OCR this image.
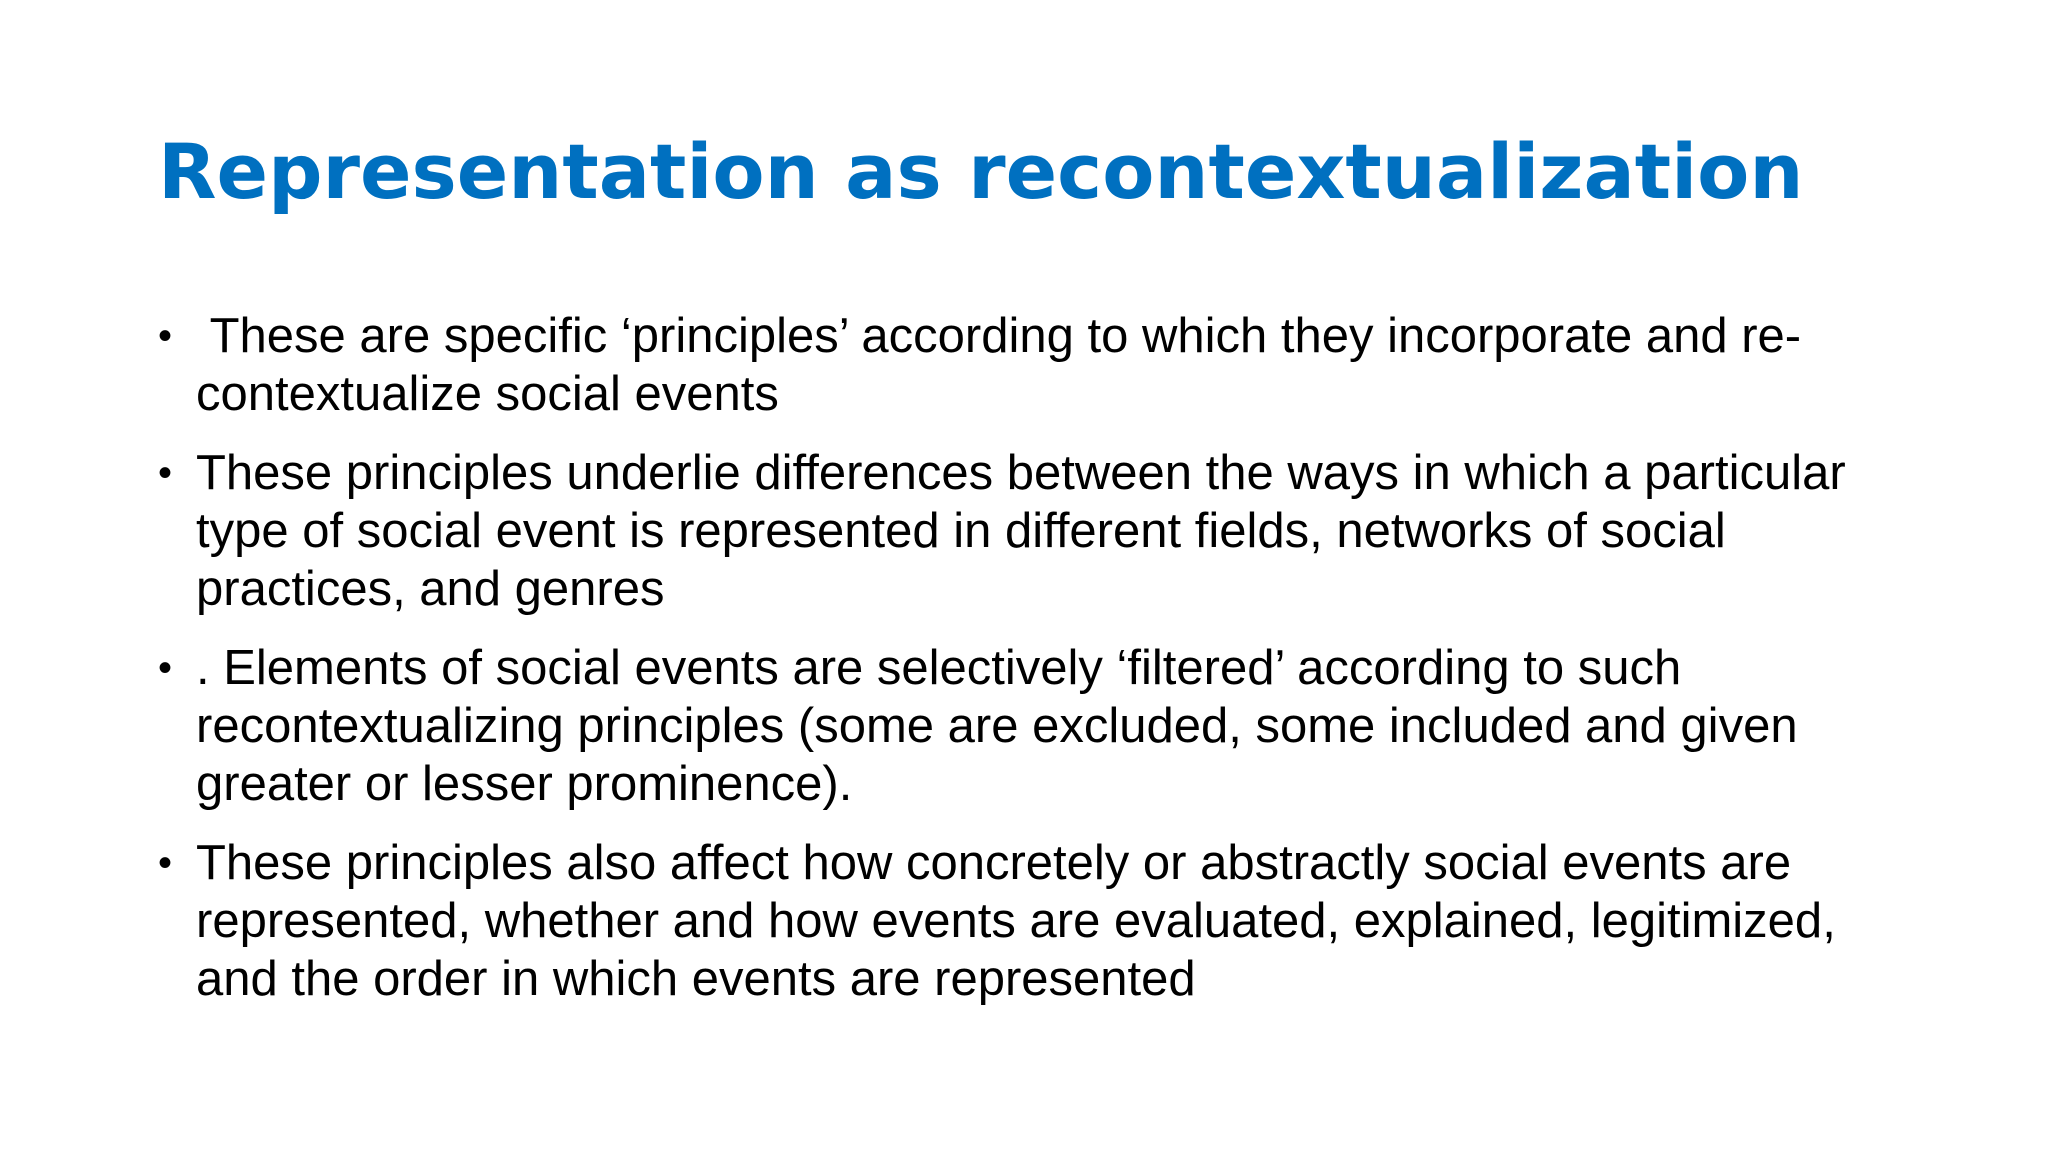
Representation as recontextualization
• These are specific ‘principles’ according to which they incorporate and re-contextualize social events
• These principles underlie differences between the ways in which a particular type of social event is represented in different fields, networks of social practices, and genres
• . Elements of social events are selectively ‘filtered’ according to such recontextualizing principles (some are excluded, some included and given greater or lesser prominence).
• These principles also affect how concretely or abstractly social events are represented, whether and how events are evaluated, explained, legitimized, and the order in which events are represented
